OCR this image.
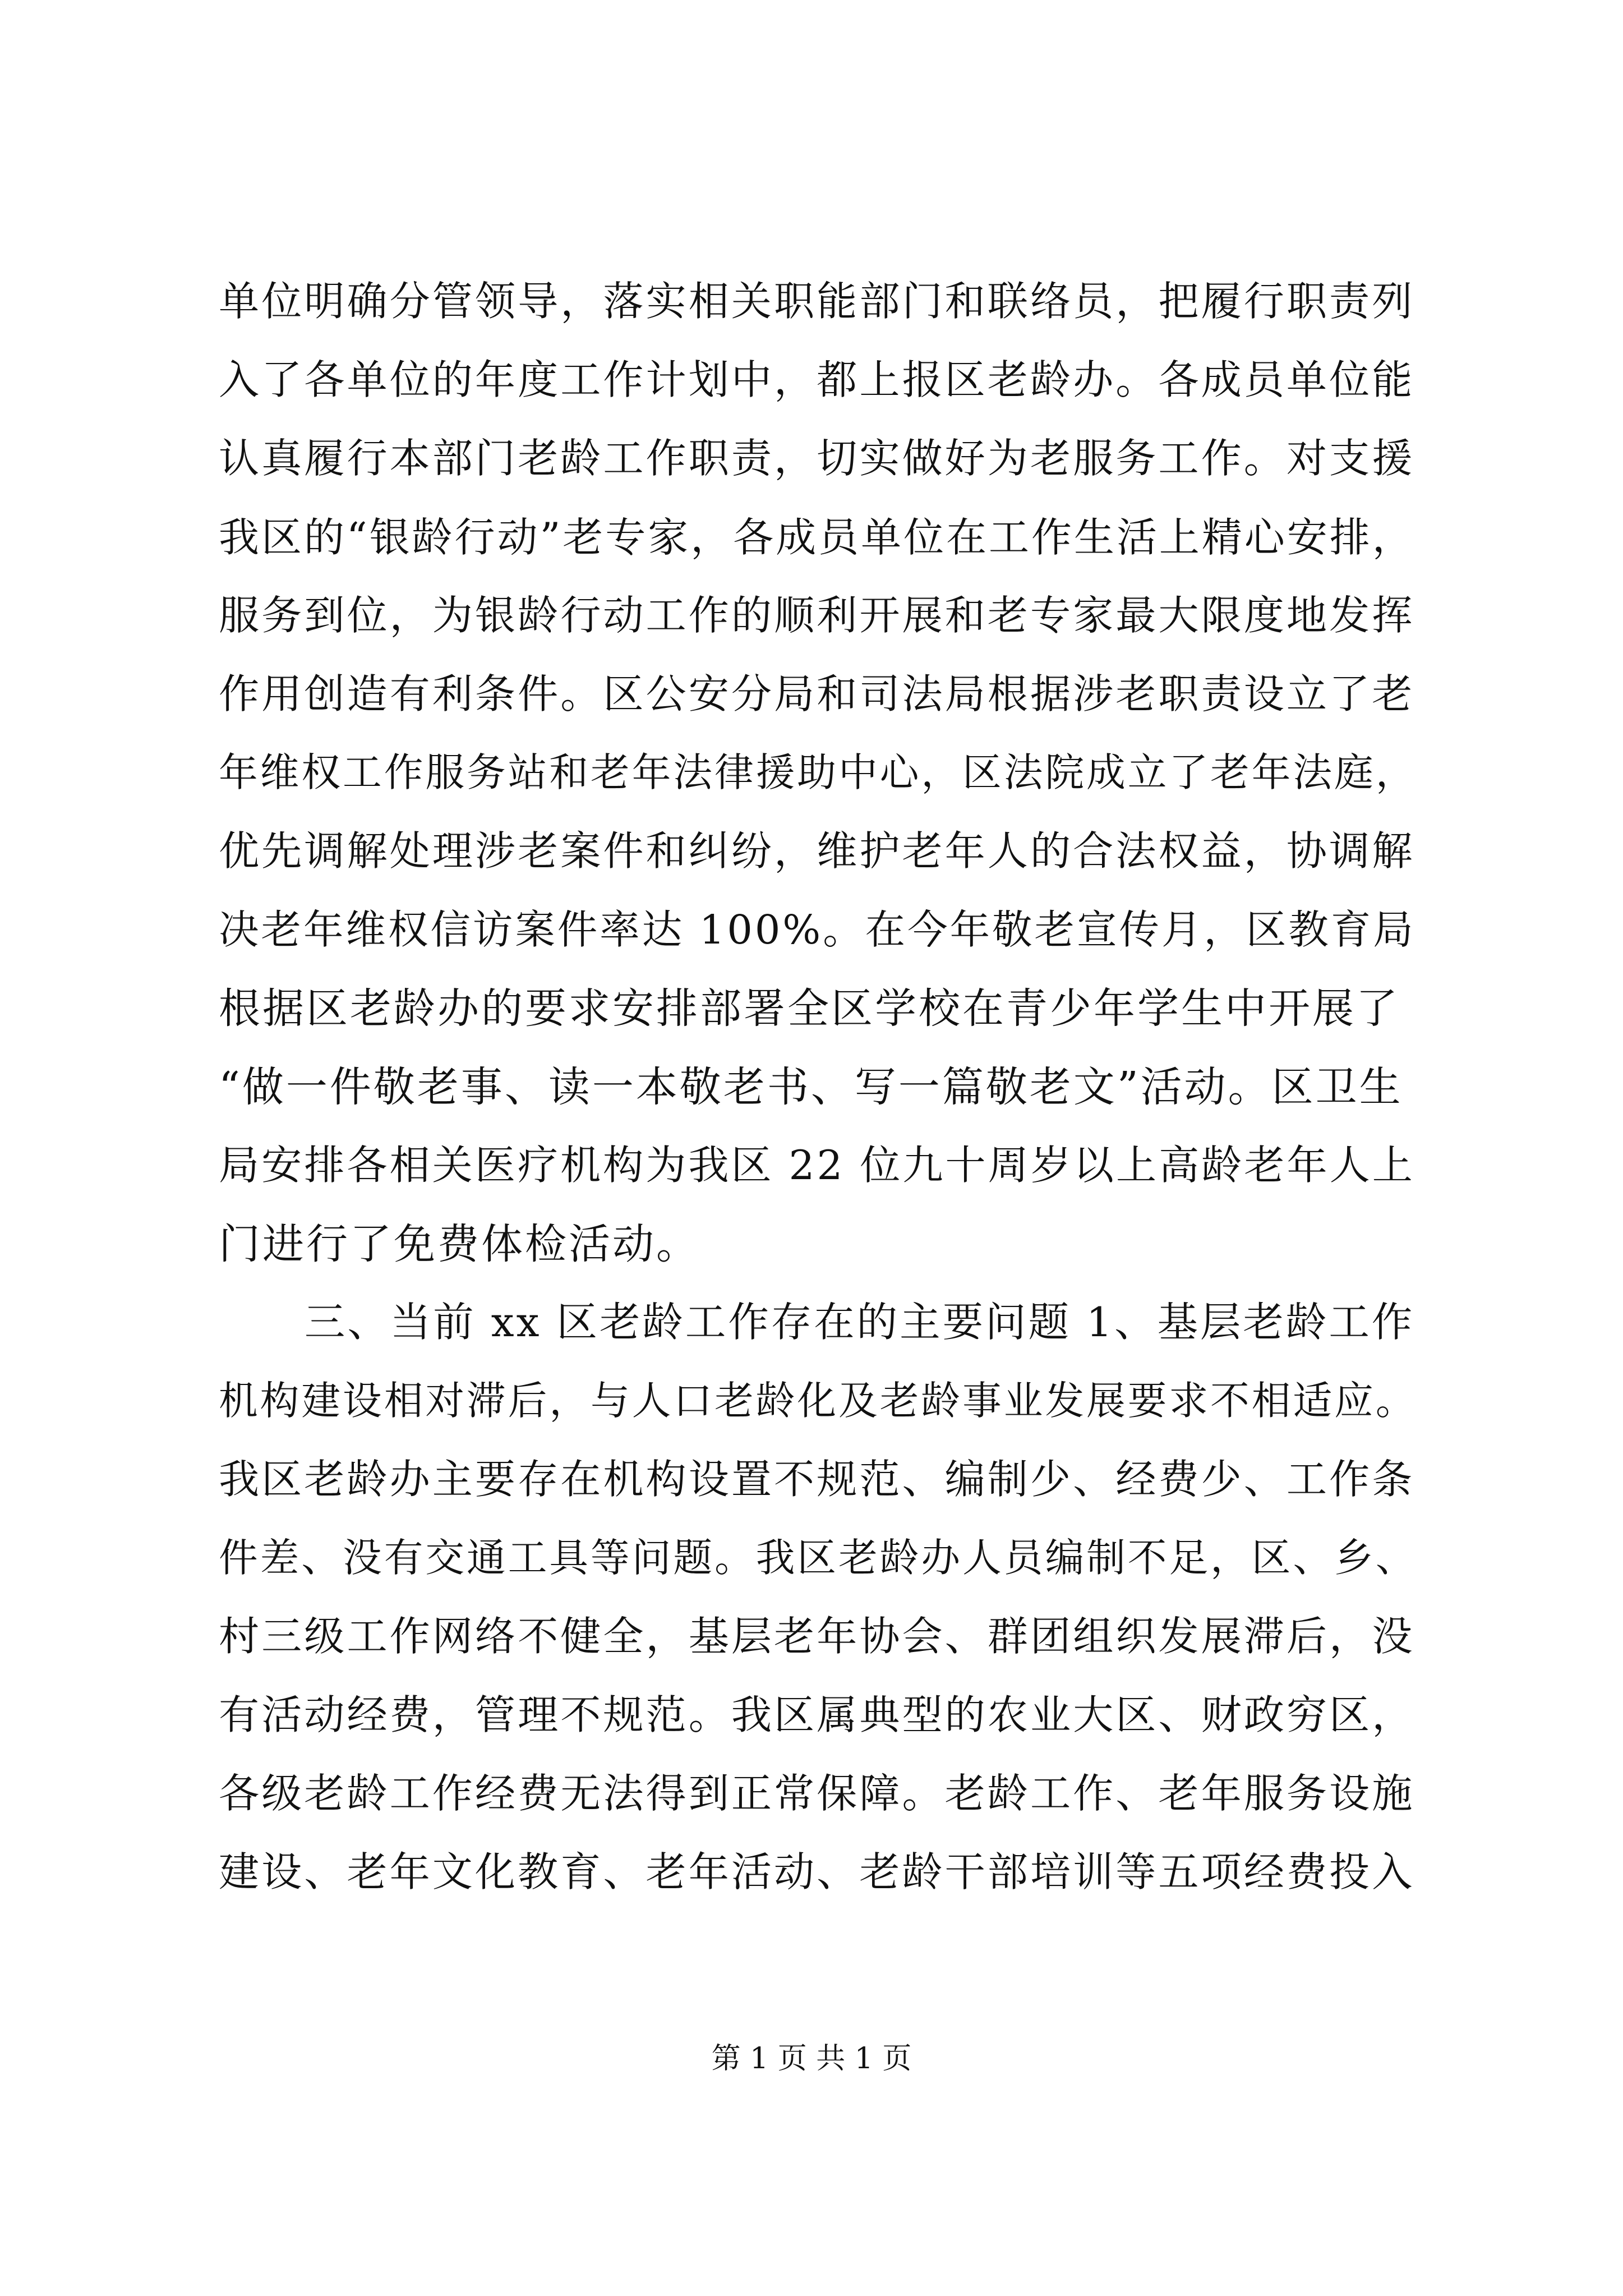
单位明确分管领导，落实相关职能部门和联络员，把履行职责列
入了各单位的年度工作计划中，都上报区老龄办。各成员单位能
认真履行本部门老龄工作职责，切实做好为老服务工作。对支援
我区的“银龄行动”老专家，各成员单位在工作生活上精心安排，
服务到位，为银龄行动工作的顺利开展和老专家最大限度地发挥
作用创造有利条件。区公安分局和司法局根据涉老职责设立了老
年维权工作服务站和老年法律援助中心，区法院成立了老年法庭，
优先调解处理涉老案件和纠纷，维护老年人的合法权益，协调解
决老年维权信访案件率达 100%。在今年敬老宣传月，区教育局
根据区老龄办的要求安排部署全区学校在青少年学生中开展了
“做一件敬老事、读一本敬老书、写一篇敬老文”活动。区卫生
局安排各相关医疗机构为我区 22 位九十周岁以上高龄老年人上
门进行了免费体检活动。
　　三、当前 xx 区老龄工作存在的主要问题 1、基层老龄工作
机构建设相对滞后，与人口老龄化及老龄事业发展要求不相适应。
我区老龄办主要存在机构设置不规范、编制少、经费少、工作条
件差、没有交通工具等问题。我区老龄办人员编制不足，区、乡、
村三级工作网络不健全，基层老年协会、群团组织发展滞后，没
有活动经费，管理不规范。我区属典型的农业大区、财政穷区，
各级老龄工作经费无法得到正常保障。老龄工作、老年服务设施
建设、老年文化教育、老年活动、老龄干部培训等五项经费投入
第 1 页 共 1 页
